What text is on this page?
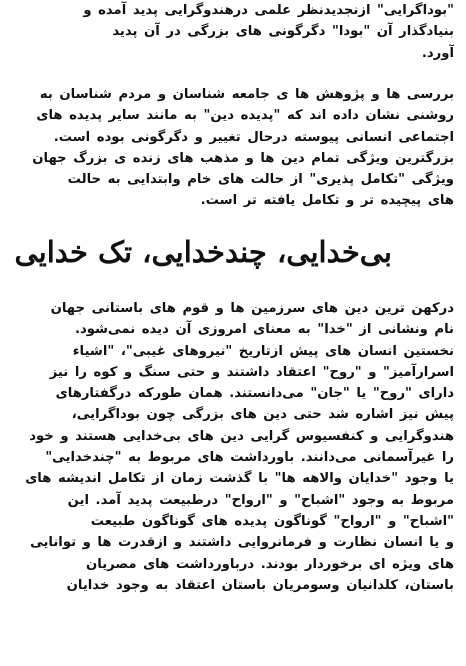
"بوداگرایی" ازنجدیدنظر علمی درهندوگرایی پدید آمده و
بنیادگذار آن "بودا" دگرگونی های بزرگی در آن پدید
آورد.

بررسی ها و پژوهش ها ی جامعه شناسان و مردم شناسان به
روشنی نشان داده اند که "پدیده دین" به مانند سایر پدیده های
اجتماعی انسانی پیوسته درحال تغییر و دگرگونی بوده است.
بزرگترین ویژگی تمام دین ها و مذهب های زنده ی بزرگ جهان
ویژگی "تکامل پذیری" از حالت های خام وابتدایی به حالت
های پیچیده تر و تکامل یافته تر است.

بی‌خدایی، چندخدایی، تک خدایی

درکهن ترین دین های سرزمین ها و قوم های باستانی جهان
نام ونشانی از "خدا" به معنای امروزی آن دیده نمی‌شود.
نخستین انسان های پیش ازتاریخ "نیروهای غیبی"، "اشیاء
اسرارآمیز" و "روح" اعتقاد داشتند و حتی سنگ و کوه را نیز
دارای "روح" یا "جان" می‌دانستند. همان طورکه درگفتارهای
پیش نیز اشاره شد حتی دین های بزرگی چون بوداگرایی،
هندوگرایی و کنفسیوس گرایی دین های بی‌خدایی هستند و خود
را غیرآسمانی می‌دانند. باورداشت های مربوط به "چندخدایی"
یا وجود "خدایان والاهه ها" با گذشت زمان از تکامل اندیشه های
مربوط به وجود "اشباح" و "ارواح" درطبیعت پدید آمد. این
"اشباح" و "ارواح" گوناگون پدیده های گوناگون طبیعت
و یا انسان نظارت و فرمانروایی داشتند و ازقدرت ها و توانایی
های ویژه ای برخوردار بودند. درباورداشت های مصریان
باستان، کلدانیان وسومریان باستان اعتقاد به وجود خدایان
